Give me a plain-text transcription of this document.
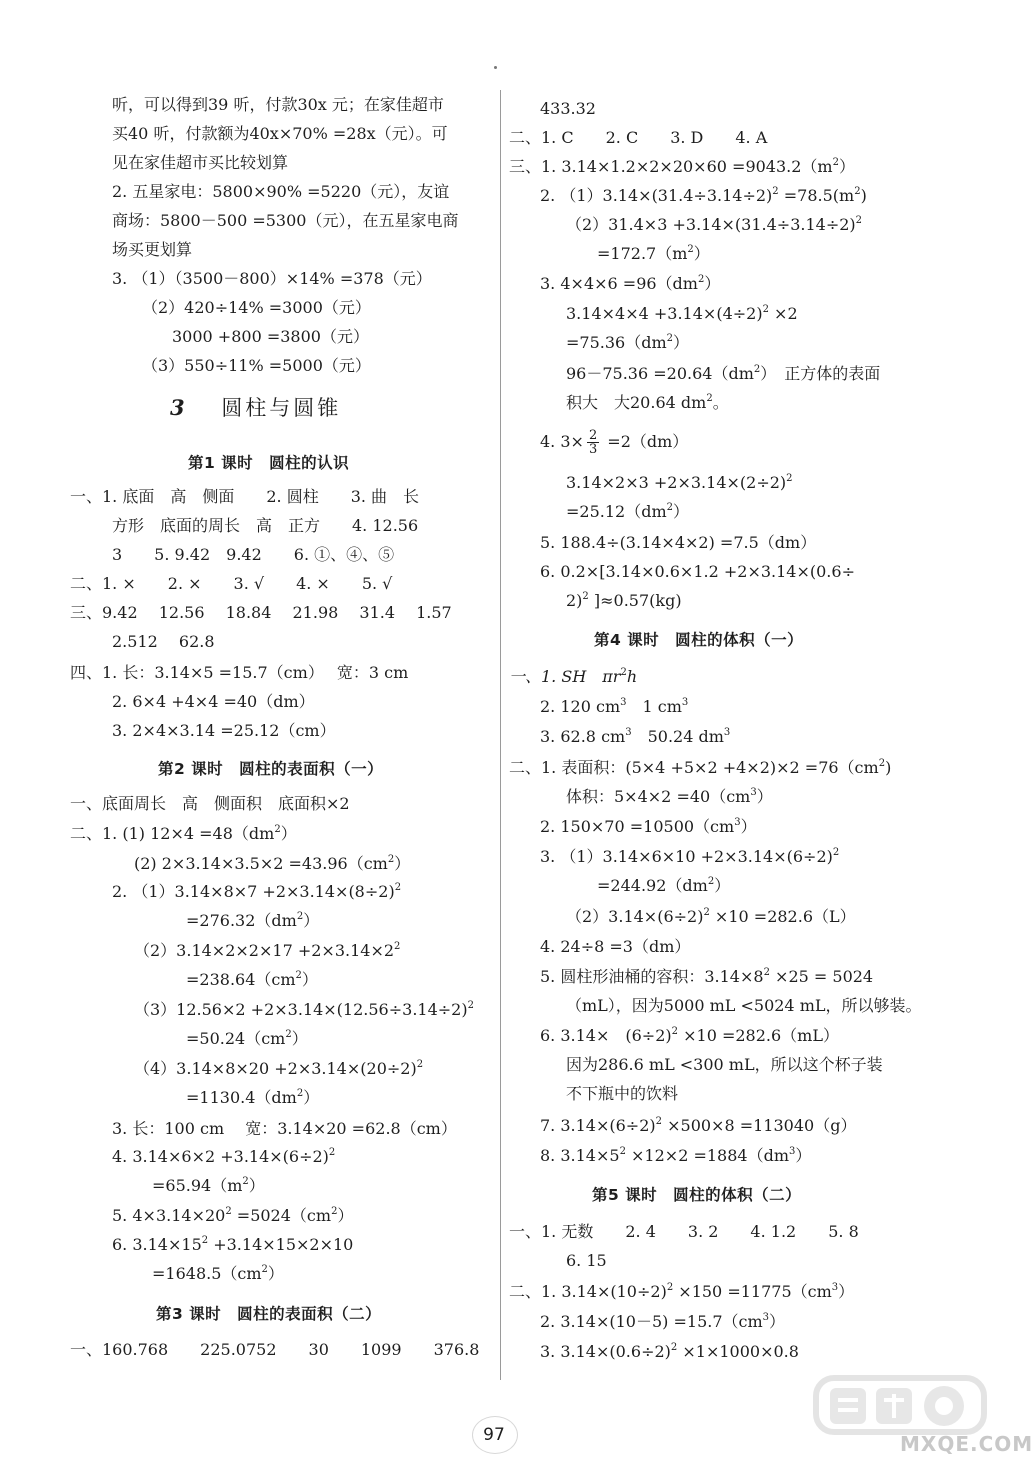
听，可以得到39 听，付款30x 元；在家佳超市
买40 听，付款额为40x×70% =28x（元）。可
见在家佳超市买比较划算
2. 五星家电：5800×90% =5220（元），友谊
商场：5800－500 =5300（元），在五星家电商
场买更划算
3. （1）（3500－800）×14% =378（元）
（2）420÷14% =3000（元）
3000 +800 =3800（元）
（3）550÷11% =5000（元）
3　 圆柱与圆锥
第1 课时　圆柱的认识
一、1. 底面　高　侧面　　2. 圆柱　　3. 曲　长
方形　底面的周长　高　正方　　4. 12.56
3　　5. 9.42　9.42　　6. ①、④、⑤
二、1. ×　　2. ×　　3. √　　4. ×　　5. √
三、9.42　 12.56　 18.84　 21.98　 31.4　 1.57
2.512　 62.8
四、1. 长：3.14×5 =15.7（cm）　 宽：3 cm
2. 6×4 +4×4 =40（dm）
3. 2×4×3.14 =25.12（cm）
第2 课时　圆柱的表面积（一）
一、底面周长　高　侧面积　底面积×2
二、1. (1) $12\times 4 =48(dm^2)$
(2) $2\times 3.14\times 3.5\times 2 =43.96(cm^2)$
2. $(1)3.14\times 8\times 7 +2\times 3.14\times(8\div 2)^2$
$=276.32(dm^2)$
$(2)3.14\times 2\times 2\times 17 +2\times 3.14\times 2^2$
$=238.64(cm^2)$
$(3)12.56\times 2 +2\times 3.14\times(12.56\div 3.14\div 2)^2$
$=50.24(cm^2)$
$(4)3.14\times 8\times 20 +2\times 3.14\times(20\div 2)^2$
$=1130.4(dm^2)$
3. 长：100 cm　 宽：3.14×20 =62.8（cm）
4. $3.14\times 6\times 2 +3.14\times(6\div 2)^2$
$=65.94(m^2)$
5. $4\times 3.14\times 20^2 =5024(cm^2)$
6. $3.14\times 15^2 +3.14\times 15\times 2\times 10$
$=1648.5(cm^2)$
第3 课时　圆柱的表面积（二）
一、160.768　　225.0752　　30　　1099　　376.8
433.32
二、1. C　　2. C　　3. D　　4. A
三、1. $3.14\times 1.2\times 2\times 20\times 60 =9043.2(m^2)$
2. $(1)3.14\times(31.4\div 3.14\div 2)^2 =78.5(m^2)$
$(2)31.4\times 3 +3.14\times(31.4\div 3.14\div 2)^2$
$=172.7(m^2)$
3. $4\times 4\times 6 =96(dm^2)$
$3.14\times 4\times 4 +3.14\times(4\div 2)^2 \times 2$
$=75.36(dm^2)$
$96-75.36 =20.64(dm^2)$　正方体的表面
积大　大20.64 $dm^2$。
4. $3\times \frac{2}{3} =2(dm)$
$3.14\times 2\times 3 +2\times 3.14\times(2\div 2)^2$
$=25.12(dm^2)$
5. 188.4÷(3.14×4×2) =7.5（dm）
6. 0.2×[3.14×0.6×1.2 +2×3.14×(0.6÷
2)$^2$ ]≈0.57(kg)
第4 课时　圆柱的体积（一）
一、1. SH　$\pi r^2h$
2. 120 $cm^3$　1 $cm^3$
3. 62.8 $cm^3$　50.24 $dm^3$
二、1. 表面积：$(5\times 4 +5\times 2 +4\times 2)\times 2 =76(cm^2)$
体积：$5\times 4\times 2 =40(cm^3)$
2. $150\times 70 =10500(cm^3)$
3. $(1)3.14\times 6\times 10 +2\times 3.14\times(6\div 2)^2$
$=244.92(dm^2)$
$(2)3.14\times(6\div 2)^2 \times 10 =282.6(L)$
4. 24÷8 =3（dm）
5. 圆柱形油桶的容积：$3.14\times 8^2 \times 25 = 5024$
（mL），因为5000 mL <5024 mL，所以够装。
6. 3.14×　$(6\div 2)^2 \times 10 =282.6(mL)$
因为286.6 mL <300 mL，所以这个杯子装
不下瓶中的饮料
7. $3.14\times(6\div 2)^2 \times 500\times 8 =113040(g)$
8. $3.14\times 5^2 \times 12\times 2 =1884(dm^3)$
第5 课时　圆柱的体积（二）
一、1. 无数　　2. 4　　3. 2　　4. 1.2　　5. 8
6. 15
二、1. $3.14\times(10\div 2)^2 \times 150 =11775(cm^3)$
2. $3.14\times(10-5) =15.7(cm^3)$
3. $3.14\times(0.6\div 2)^2 \times 1\times 1000\times 0.8$
97	MXQE.COM
